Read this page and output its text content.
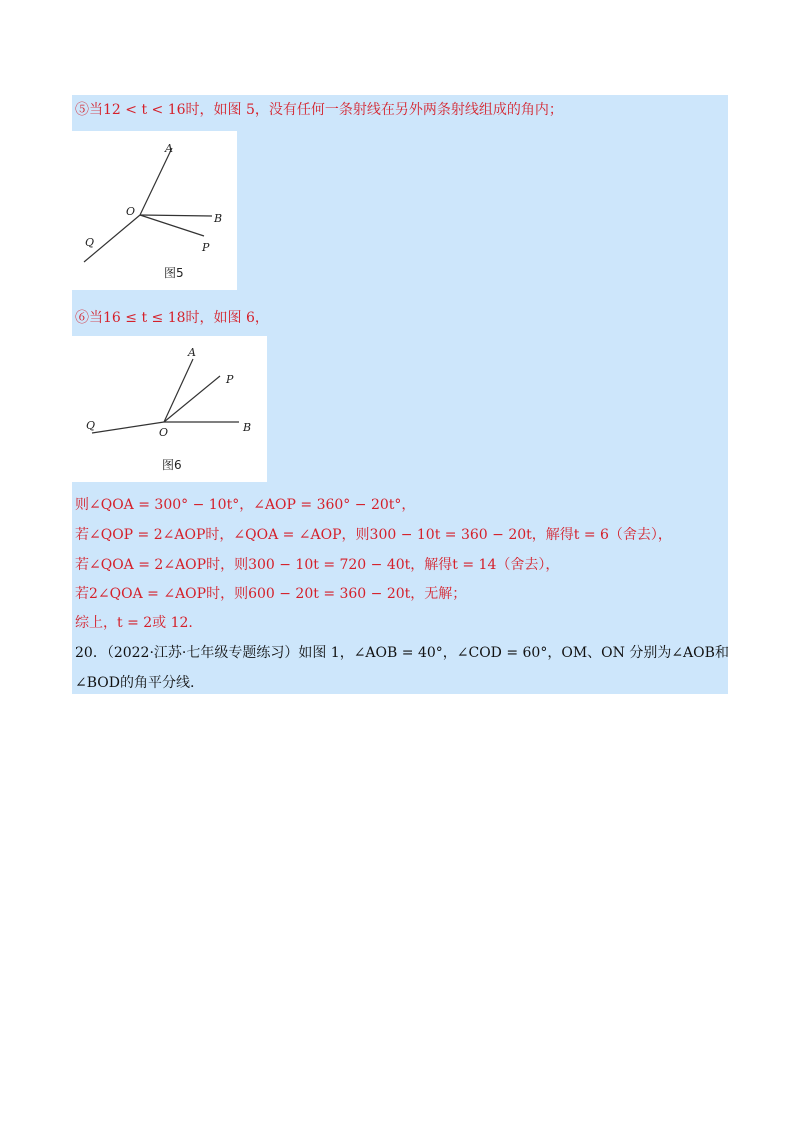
⑤当12 < t < 16时，如图 5，没有任何一条射线在另外两条射线组成的角内；
A
O
B
Q	P
图5
⑥当16 ≤ t ≤ 18时，如图 6，
A
P
Q
O	B
图6
则∠QOA = 300° − 10t°，∠AOP = 360° − 20t°，
若∠QOP = 2∠AOP时，∠QOA = ∠AOP，则300 − 10t = 360 − 20t，解得t = 6（舍去），
若∠QOA = 2∠AOP时，则300 − 10t = 720 − 40t，解得t = 14（舍去），
若2∠QOA = ∠AOP时，则600 − 20t = 360 − 20t，无解；
综上，t = 2或 12.
20．（2022·江苏·七年级专题练习）如图 1，∠AOB = 40°，∠COD = 60°，OM、ON 分别为∠AOB和
∠BOD的角平分线.
